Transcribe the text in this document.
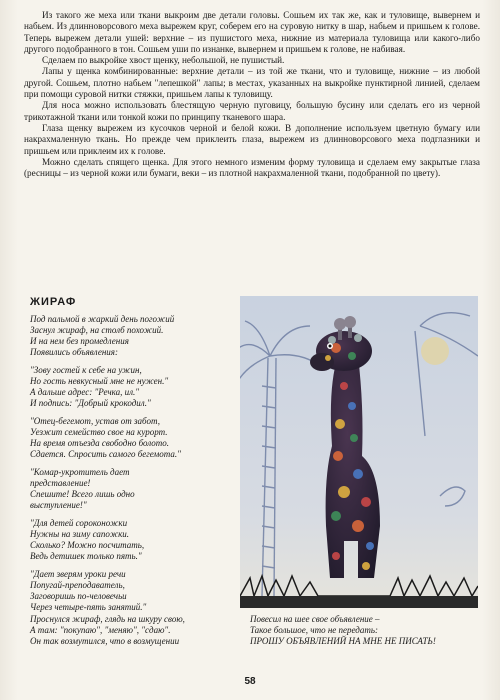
Из такого же меха или ткани выкроим две детали головы. Сошьем их так же, как и туловище, вывернем и набьем. Из длинноворсового меха вырежем круг, соберем его на суровую нитку в шар, набьем и пришьем к голове. Теперь вырежем детали ушей: верхние – из пушистого меха, нижние из материала туловища или какого-либо другого подобранного в тон. Сошьем уши по изнанке, вывернем и пришьем к голове, не набивая.

Сделаем по выкройке хвост щенку, небольшой, не пушистый.

Лапы у щенка комбинированные: верхние детали – из той же ткани, что и туловище, нижние – из любой другой. Сошьем, плотно набьем "лепешкой" лапы; в местах, указанных на выкройке пунктирной линией, сделаем при помощи суровой нитки стяжки, пришьем лапы к туловищу.

Для носа можно использовать блестящую черную пуговицу, большую бусину или сделать его из черной трикотажной ткани или тонкой кожи по принципу тканевого шара.

Глаза щенку вырежем из кусочков черной и белой кожи. В дополнение используем цветную бумагу или накрахмаленную ткань. Но прежде чем приклеить глаза, вырежем из длинноворсового меха подглазники и пришьем или приклеим их к голове.

Можно сделать спящего щенка. Для этого немного изменим форму туловища и сделаем ему закрытые глаза (ресницы – из черной кожи или бумаги, веки – из плотной накрахмаленной ткани, подобранной по цвету).

ЖИРАФ
Под пальмой в жаркий день погожий
Заснул жираф, на столб похожий.
И на нем без промедления
Появились объявления:
"Зову гостей к себе на ужин,
Но гость невкусный мне не нужен."
А дальше адрес: "Речка, ил."
И подпись: "Добрый крокодил."
"Отец-бегемот, устав от забот,
Уезжит семейство свое на курорт.
На время отъезда свободно болото.
Сдается. Спросить самого бегемота."
"Комар-укротитель дает
представление!
Спешите! Всего лишь одно
выступление!"
"Для детей сороконожки
Нужны на зиму сапожки.
Сколько? Можно посчитать,
Ведь детишек только пять."
"Дает зверям уроки речи
Попугай-преподаватель,
Заговоришь по-человечьи
Через четыре-пять занятий."
Проснулся жираф, глядь на шкуру свою,
А там: "покупаю", "меняю", "сдаю".
Он так возмутился, что в возмущении
Повесил на шее свое объявление –
Такое большое, что не передать:
ПРОШУ ОБЪЯВЛЕНИЙ НА МНЕ НЕ ПИСАТЬ!
58
